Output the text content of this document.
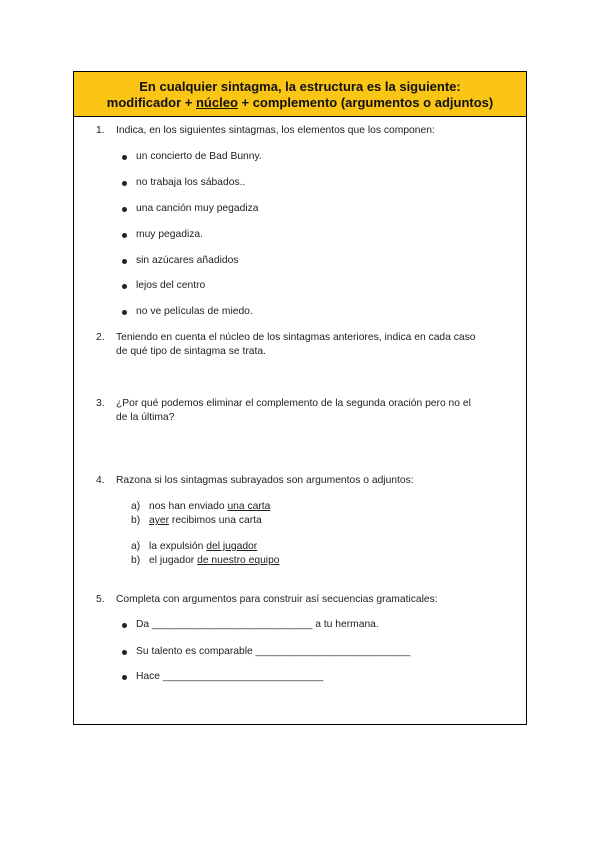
En cualquier sintagma, la estructura es la siguiente:
modificador + núcleo + complemento (argumentos o adjuntos)
1.	Indica, en los siguientes sintagmas, los elementos que los componen:
un concierto de Bad Bunny.
no trabaja los sábados..
una canción muy pegadiza
muy pegadiza.
sin azúcares añadidos
lejos del centro
no ve películas de miedo.
2.	Teniendo en cuenta el núcleo de los sintagmas anteriores, indica en cada caso
de qué tipo de sintagma se trata.
3.	¿Por qué podemos eliminar el complemento de la segunda oración pero no el
de la última?
4.	Razona si los sintagmas subrayados son argumentos o adjuntos:
a) nos han enviado una carta
b) ayer recibimos una carta
a) la expulsión del jugador
b) el jugador de nuestro equipo
5.	Completa con argumentos para construir así secuencias gramaticales:
Da ____________________________ a tu hermana.
Su talento es comparable ___________________________
Hace ____________________________
